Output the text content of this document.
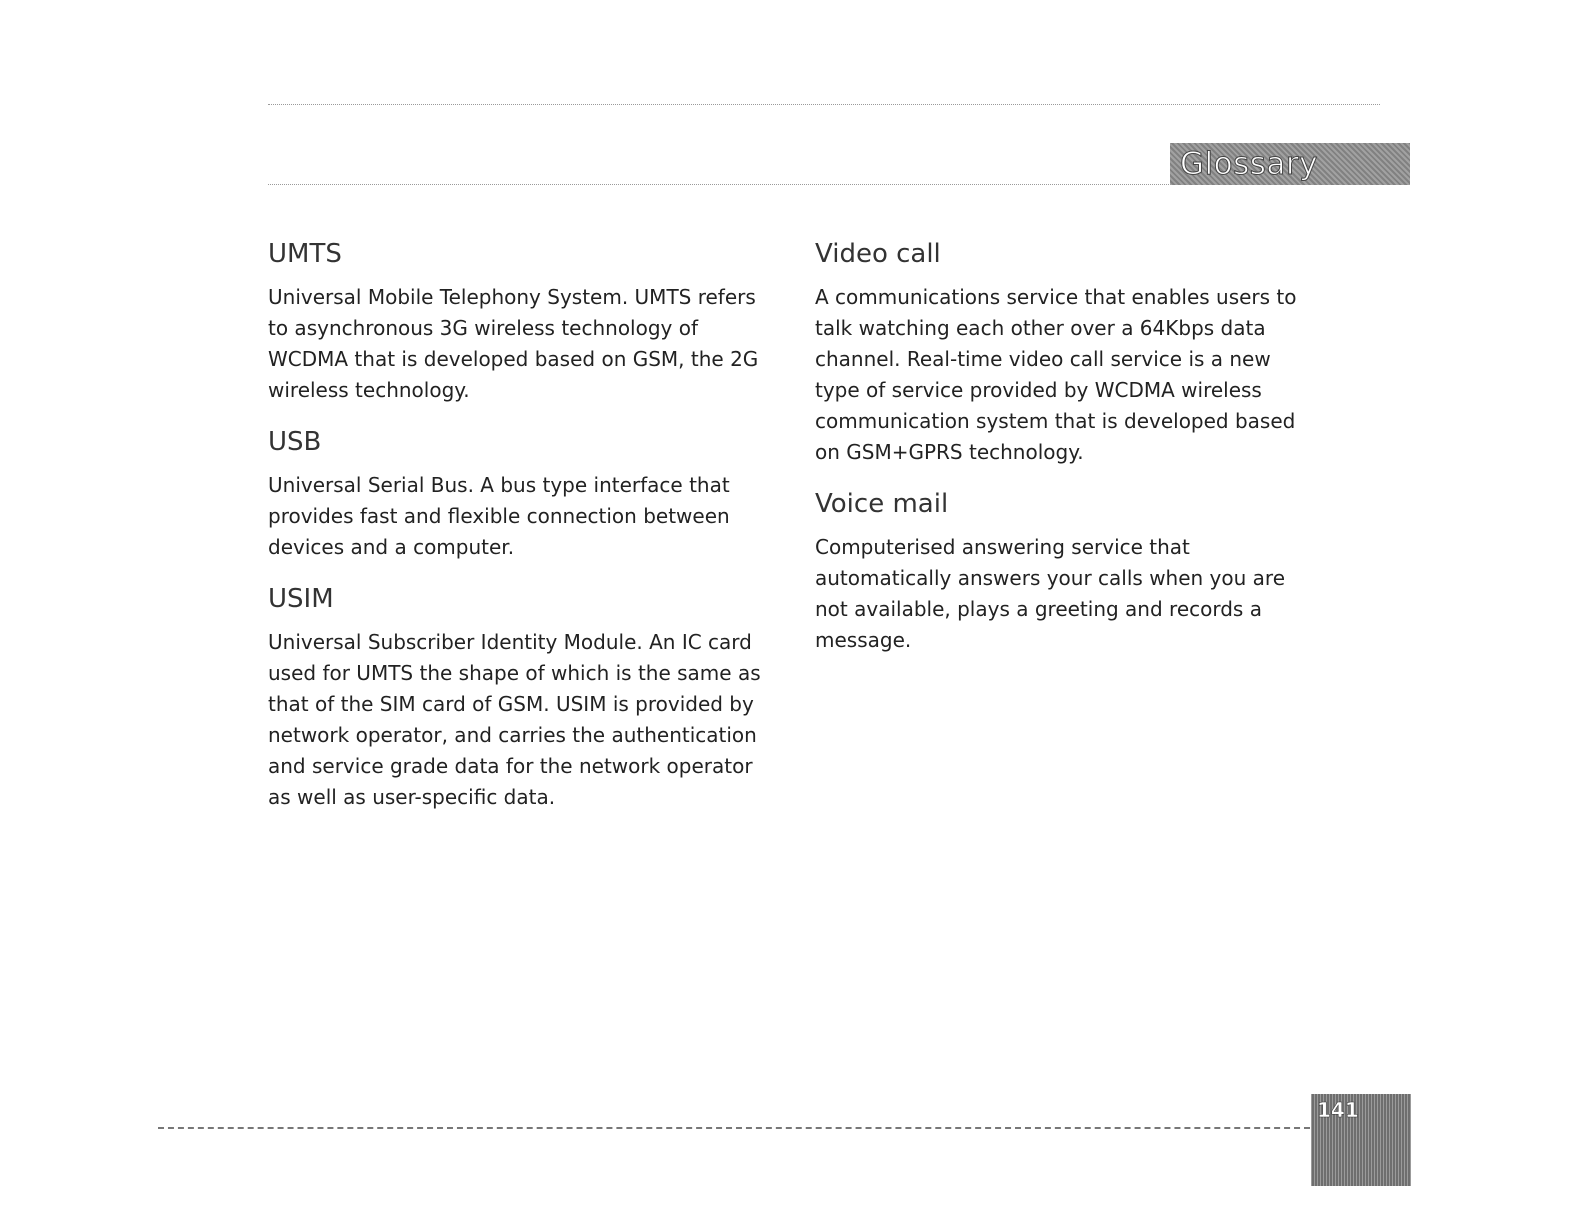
Glossary
UMTS

Universal Mobile Telephony System. UMTS refers to asynchronous 3G wireless technology of WCDMA that is developed based on GSM, the 2G wireless technology.

USB

Universal Serial Bus. A bus type interface that provides fast and flexible connection between devices and a computer.

USIM

Universal Subscriber Identity Module. An IC card used for UMTS the shape of which is the same as that of the SIM card of GSM. USIM is provided by network operator, and carries the authentication and service grade data for the network operator as well as user-specific data.

Video call

A communications service that enables users to talk watching each other over a 64Kbps data channel. Real-time video call service is a new type of service provided by WCDMA wireless communication system that is developed based on GSM+GPRS technology.

Voice mail

Computerised answering service that automatically answers your calls when you are not available, plays a greeting and records a message.

141
